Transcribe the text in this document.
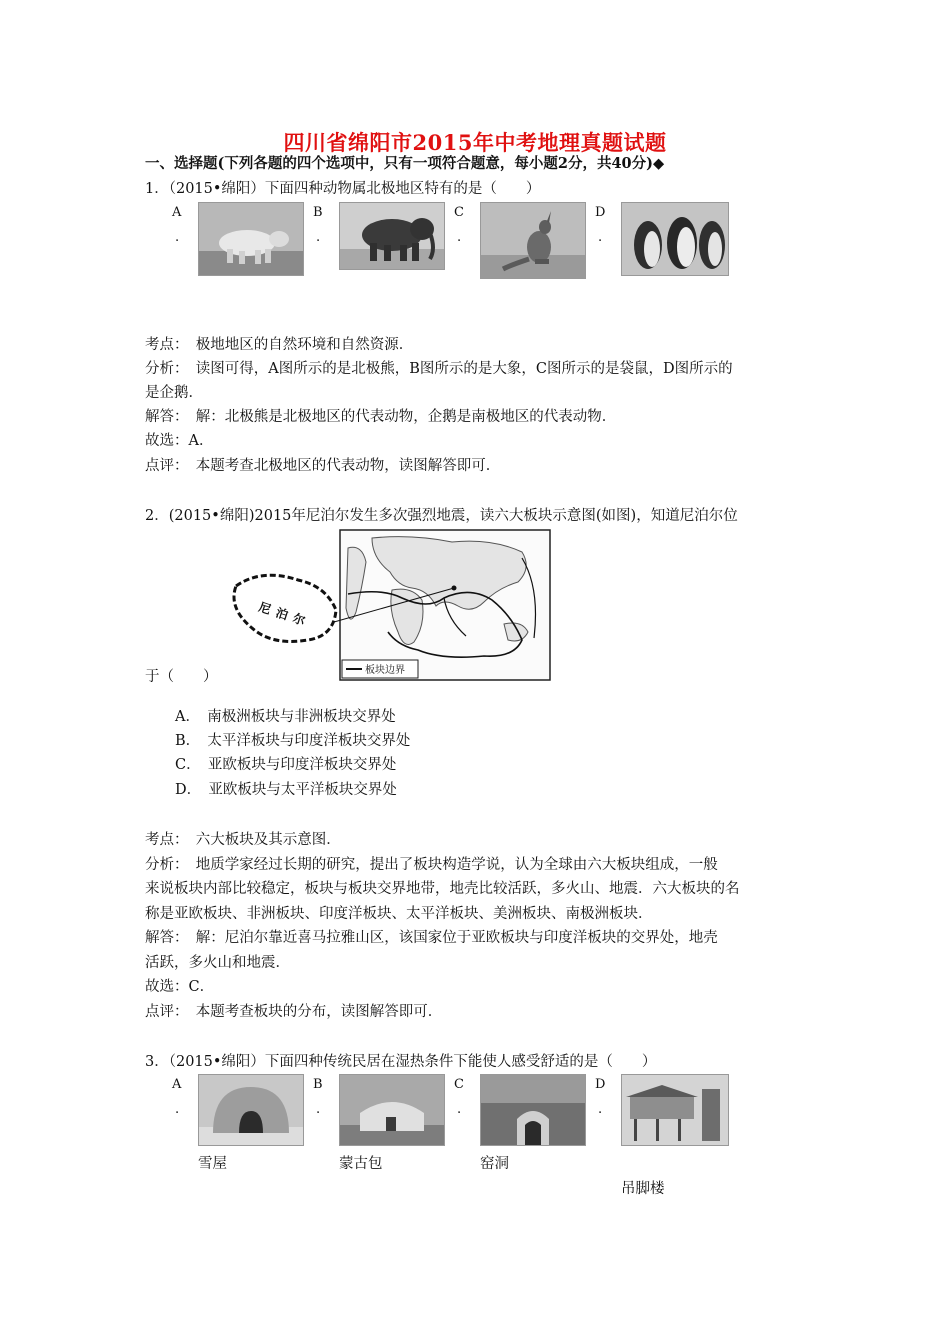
四川省绵阳市2015年中考地理真题试题
一、选择题(下列各题的四个选项中，只有一项符合题意，每小题2分，共40分)◆
1．（2015•绵阳）下面四种动物属北极地区特有的是（　　）
A
.
B
.
C
.
D
.
考点：　极地地区的自然环境和自然资源．
分析：　读图可得，A图所示的是北极熊，B图所示的是大象，C图所示的是袋鼠，D图所示的
是企鹅．
解答：　解：北极熊是北极地区的代表动物，企鹅是南极地区的代表动物．
故选：A．
点评：　本题考查北极地区的代表动物，读图解答即可．
2．(2015•绵阳)2015年尼泊尔发生多次强烈地震，读六大板块示意图(如图)，知道尼泊尔位
尼泊尔
板块边界
于（　　）
A．　南极洲板块与非洲板块交界处
B．　太平洋板块与印度洋板块交界处
C．　亚欧板块与印度洋板块交界处
D．　亚欧板块与太平洋板块交界处
考点：　六大板块及其示意图．
分析：　地质学家经过长期的研究，提出了板块构造学说，认为全球由六大板块组成，一般
来说板块内部比较稳定，板块与板块交界地带，地壳比较活跃，多火山、地震．六大板块的名
称是亚欧板块、非洲板块、印度洋板块、太平洋板块、美洲板块、南极洲板块．
解答：　解：尼泊尔靠近喜马拉雅山区，该国家位于亚欧板块与印度洋板块的交界处，地壳
活跃，多火山和地震．
故选：C．
点评：　本题考查板块的分布，读图解答即可．
3．（2015•绵阳）下面四种传统民居在湿热条件下能使人感受舒适的是（　　）
A
.
B
.
C
.
D
.
雪屋	蒙古包	窑洞
吊脚楼
